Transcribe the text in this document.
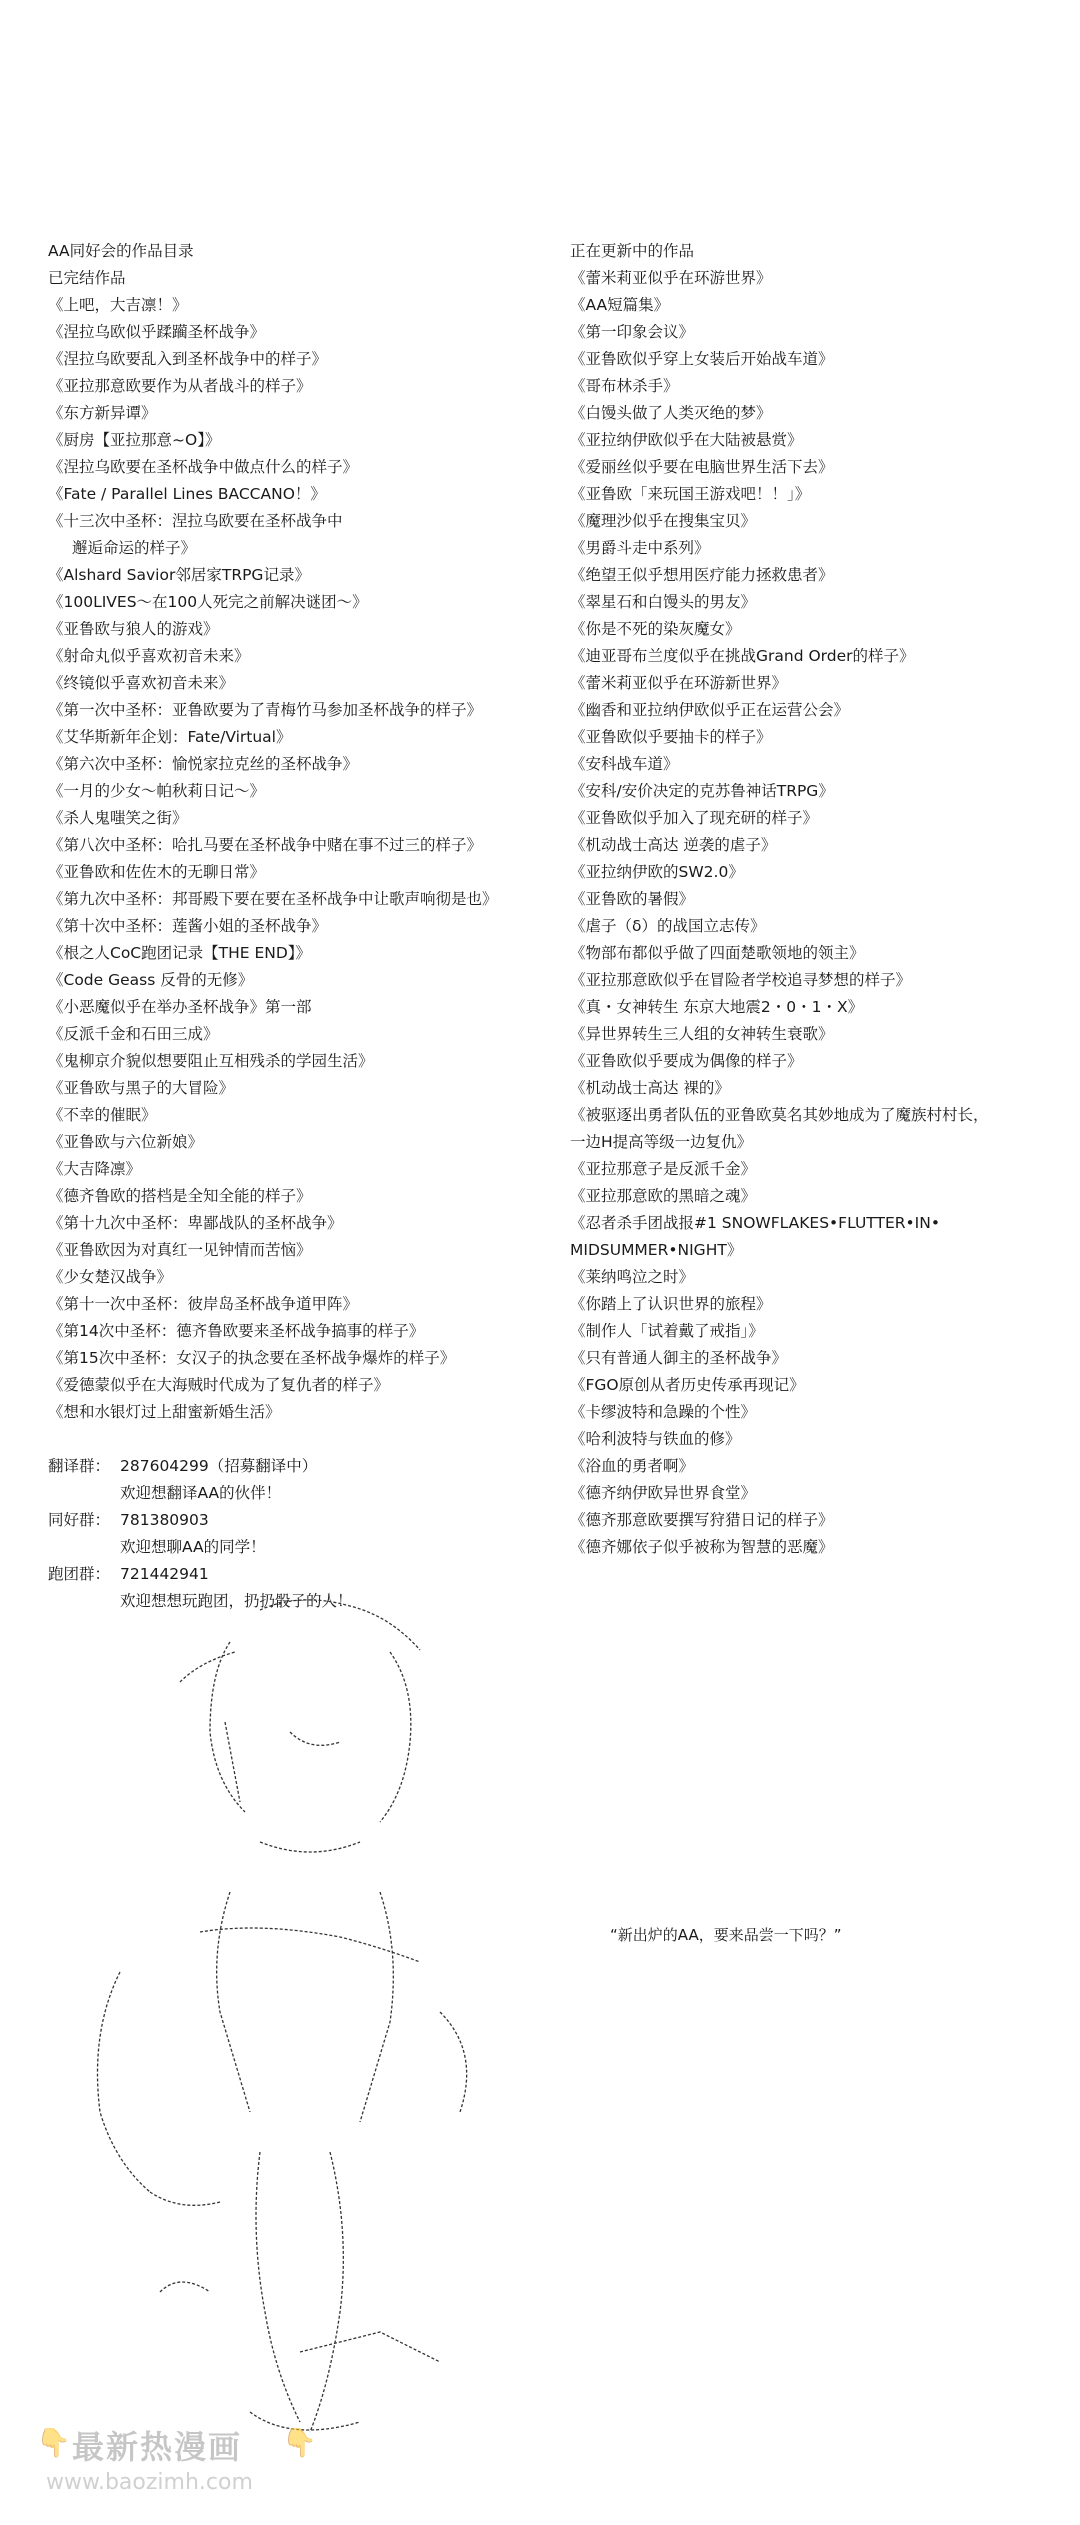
AA同好会的作品目录
已完结作品
《上吧，大吉凛！》
《涅拉乌欧似乎蹂躏圣杯战争》
《涅拉乌欧要乱入到圣杯战争中的样子》
《亚拉那意欧要作为从者战斗的样子》
《东方新异谭》
《厨房【亚拉那意~O】》
《涅拉乌欧要在圣杯战争中做点什么的样子》
《Fate / Parallel Lines BACCANO！》
《十三次中圣杯：涅拉乌欧要在圣杯战争中
邂逅命运的样子》
《Alshard Savior邻居家TRPG记录》
《100LIVES～在100人死完之前解决谜团～》
《亚鲁欧与狼人的游戏》
《射命丸似乎喜欢初音未来》
《终镜似乎喜欢初音未来》
《第一次中圣杯：亚鲁欧要为了青梅竹马参加圣杯战争的样子》
《艾华斯新年企划：Fate/Virtual》
《第六次中圣杯：愉悦家拉克丝的圣杯战争》
《一月的少女～帕秋莉日记～》
《杀人鬼嗤笑之街》
《第八次中圣杯：哈扎马要在圣杯战争中赌在事不过三的样子》
《亚鲁欧和佐佐木的无聊日常》
《第九次中圣杯：邦哥殿下要在要在圣杯战争中让歌声响彻是也》
《第十次中圣杯：莲酱小姐的圣杯战争》
《根之人CoC跑团记录【THE END】》
《Code Geass 反骨的无修》
《小恶魔似乎在举办圣杯战争》第一部
《反派千金和石田三成》
《鬼柳京介貌似想要阻止互相残杀的学园生活》
《亚鲁欧与黑子的大冒险》
《不幸的催眠》
《亚鲁欧与六位新娘》
《大吉降凛》
《德齐鲁欧的搭档是全知全能的样子》
《第十九次中圣杯：卑鄙战队的圣杯战争》
《亚鲁欧因为对真红一见钟情而苦恼》
《少女楚汉战争》
《第十一次中圣杯：彼岸岛圣杯战争道甲阵》
《第14次中圣杯：德齐鲁欧要来圣杯战争搞事的样子》
《第15次中圣杯：女汉子的执念要在圣杯战争爆炸的样子》
《爱德蒙似乎在大海贼时代成为了复仇者的样子》
《想和水银灯过上甜蜜新婚生活》
翻译群： 287604299（招募翻译中）
欢迎想翻译AA的伙伴！
同好群： 781380903
欢迎想聊AA的同学！
跑团群： 721442941
欢迎想想玩跑团，扔扔骰子的人！
正在更新中的作品
《蕾米莉亚似乎在环游世界》
《AA短篇集》
《第一印象会议》
《亚鲁欧似乎穿上女装后开始战车道》
《哥布林杀手》
《白馒头做了人类灭绝的梦》
《亚拉纳伊欧似乎在大陆被悬赏》
《爱丽丝似乎要在电脑世界生活下去》
《亚鲁欧「来玩国王游戏吧！！」》
《魔理沙似乎在搜集宝贝》
《男爵斗走中系列》
《绝望王似乎想用医疗能力拯救患者》
《翠星石和白馒头的男友》
《你是不死的染灰魔女》
《迪亚哥布兰度似乎在挑战Grand Order的样子》
《蕾米莉亚似乎在环游新世界》
《幽香和亚拉纳伊欧似乎正在运营公会》
《亚鲁欧似乎要抽卡的样子》
《安科战车道》
《安科/安价决定的克苏鲁神话TRPG》
《亚鲁欧似乎加入了现充研的样子》
《机动战士高达 逆袭的虐子》
《亚拉纳伊欧的SW2.0》
《亚鲁欧的暑假》
《虐子（δ）的战国立志传》
《物部布都似乎做了四面楚歌领地的领主》
《亚拉那意欧似乎在冒险者学校追寻梦想的样子》
《真・女神转生 东京大地震2・0・1・X》
《异世界转生三人组的女神转生衰歌》
《亚鲁欧似乎要成为偶像的样子》
《机动战士高达 裸的》
《被驱逐出勇者队伍的亚鲁欧莫名其妙地成为了魔族村村长，
一边H提高等级一边复仇》
《亚拉那意子是反派千金》
《亚拉那意欧的黑暗之魂》
《忍者杀手团战报#1 SNOWFLAKES•FLUTTER•IN•
MIDSUMMER•NIGHT》
《莱纳鸣泣之时》
《你踏上了认识世界的旅程》
《制作人「试着戴了戒指」》
《只有普通人御主的圣杯战争》
《FGO原创从者历史传承再现记》
《卡缪波特和急躁的个性》
《哈利波特与铁血的修》
《浴血的勇者啊》
《德齐纳伊欧异世界食堂》
《德齐那意欧要撰写狩猎日记的样子》
《德齐娜依子似乎被称为智慧的恶魔》
“新出炉的AA，要来品尝一下吗？”
👇 最新热漫画 👇
www.baozimh.com
